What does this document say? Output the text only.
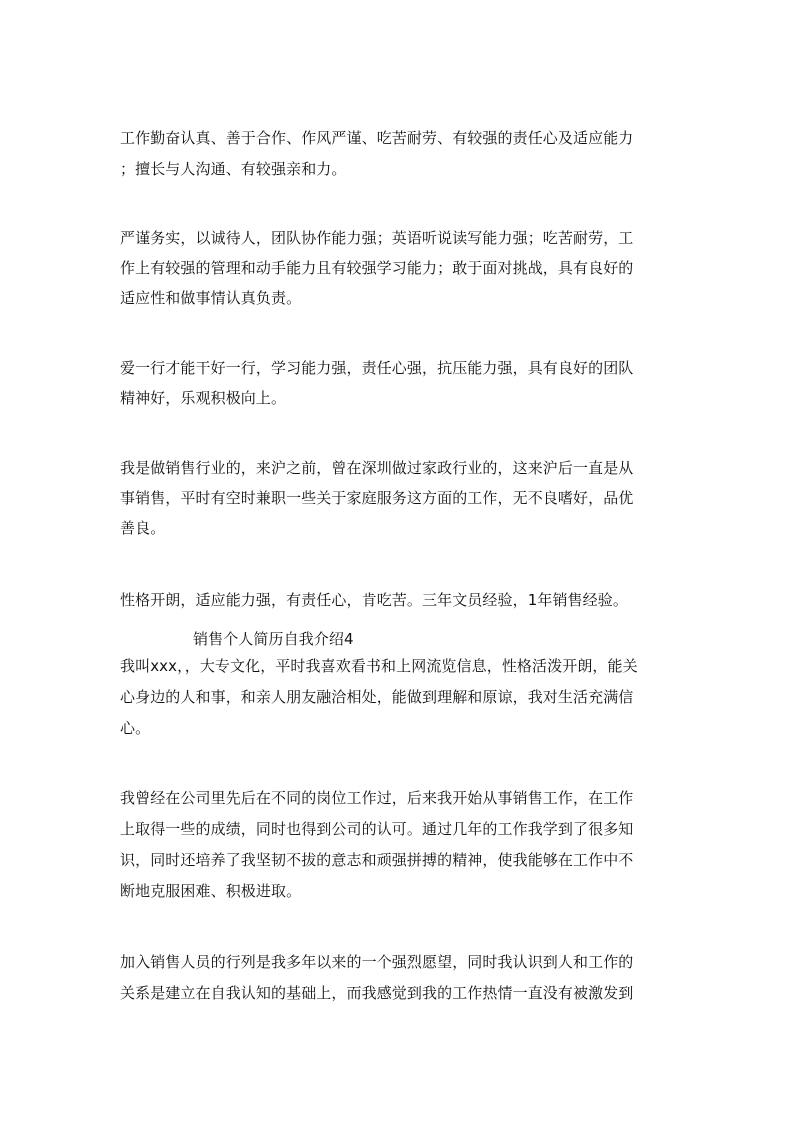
工作勤奋认真、善于合作、作风严谨、吃苦耐劳、有较强的责任心及适应能力
；擅长与人沟通、有较强亲和力。
严谨务实，以诚待人，团队协作能力强；英语听说读写能力强；吃苦耐劳，工
作上有较强的管理和动手能力且有较强学习能力；敢于面对挑战，具有良好的
适应性和做事情认真负责。
爱一行才能干好一行，学习能力强，责任心强，抗压能力强，具有良好的团队
精神好，乐观积极向上。
我是做销售行业的，来沪之前，曾在深圳做过家政行业的，这来沪后一直是从
事销售，平时有空时兼职一些关于家庭服务这方面的工作，无不良嗜好，品优
善良。
性格开朗，适应能力强，有责任心，肯吃苦。三年文员经验，1年销售经验。
销售个人简历自我介绍4
我叫xxx，，大专文化，平时我喜欢看书和上网流览信息，性格活泼开朗，能关
心身边的人和事，和亲人朋友融洽相处，能做到理解和原谅，我对生活充满信
心。
我曾经在公司里先后在不同的岗位工作过，后来我开始从事销售工作，在工作
上取得一些的成绩，同时也得到公司的认可。通过几年的工作我学到了很多知
识，同时还培养了我坚韧不拔的意志和顽强拼搏的精神，使我能够在工作中不
断地克服困难、积极进取。
加入销售人员的行列是我多年以来的一个强烈愿望，同时我认识到人和工作的
关系是建立在自我认知的基础上，而我感觉到我的工作热情一直没有被激发到
